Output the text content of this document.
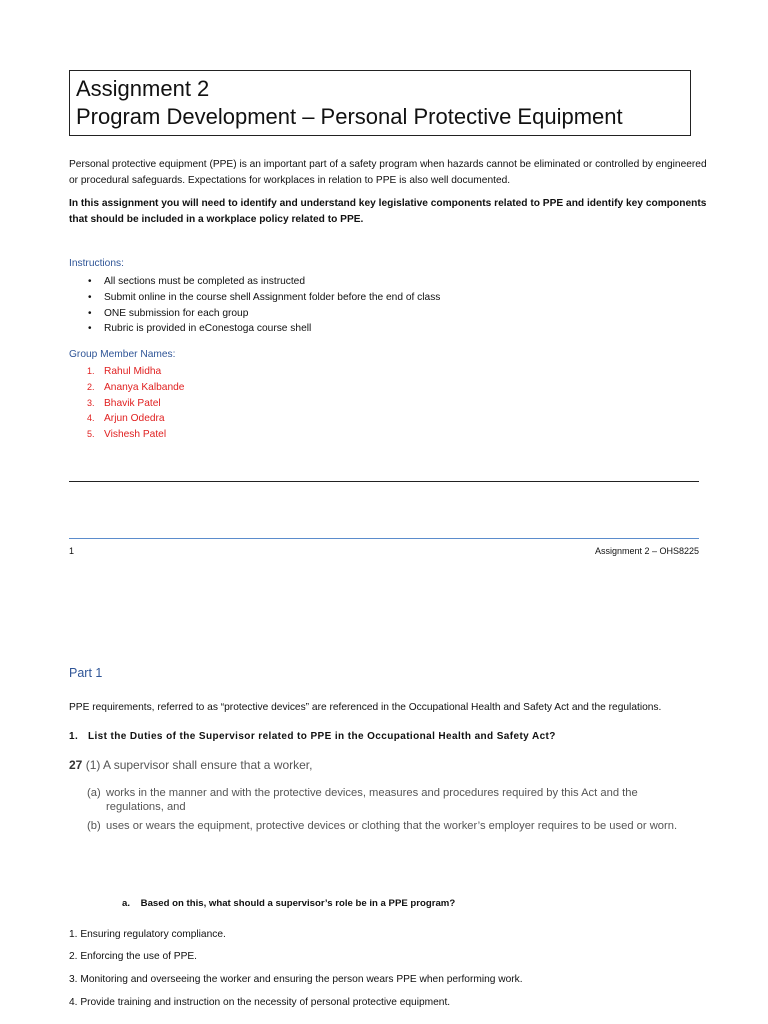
Assignment 2
Program Development – Personal Protective Equipment
Personal protective equipment (PPE) is an important part of a safety program when hazards cannot be eliminated or controlled by engineered or procedural safeguards. Expectations for workplaces in relation to PPE is also well documented.
In this assignment you will need to identify and understand key legislative components related to PPE and identify key components that should be included in a workplace policy related to PPE.
Instructions:
• All sections must be completed as instructed
• Submit online in the course shell Assignment folder before the end of class
• ONE submission for each group
• Rubric is provided in eConestoga course shell
Group Member Names:
1. Rahul Midha
2. Ananya Kalbande
3. Bhavik Patel
4. Arjun Odedra
5. Vishesh Patel
1	Assignment 2 – OHS8225
Part 1
PPE requirements, referred to as “protective devices” are referenced in the Occupational Health and Safety Act and the regulations.
1. List the Duties of the Supervisor related to PPE in the Occupational Health and Safety Act?
27 (1) A supervisor shall ensure that a worker,
(a) works in the manner and with the protective devices, measures and procedures required by this Act and the regulations, and
(b) uses or wears the equipment, protective devices or clothing that the worker’s employer requires to be used or worn.
a.    Based on this, what should a supervisor’s role be in a PPE program?
1. Ensuring regulatory compliance.
2. Enforcing the use of PPE.
3. Monitoring and overseeing the worker and ensuring the person wears PPE when performing work.
4. Provide training and instruction on the necessity of personal protective equipment.
